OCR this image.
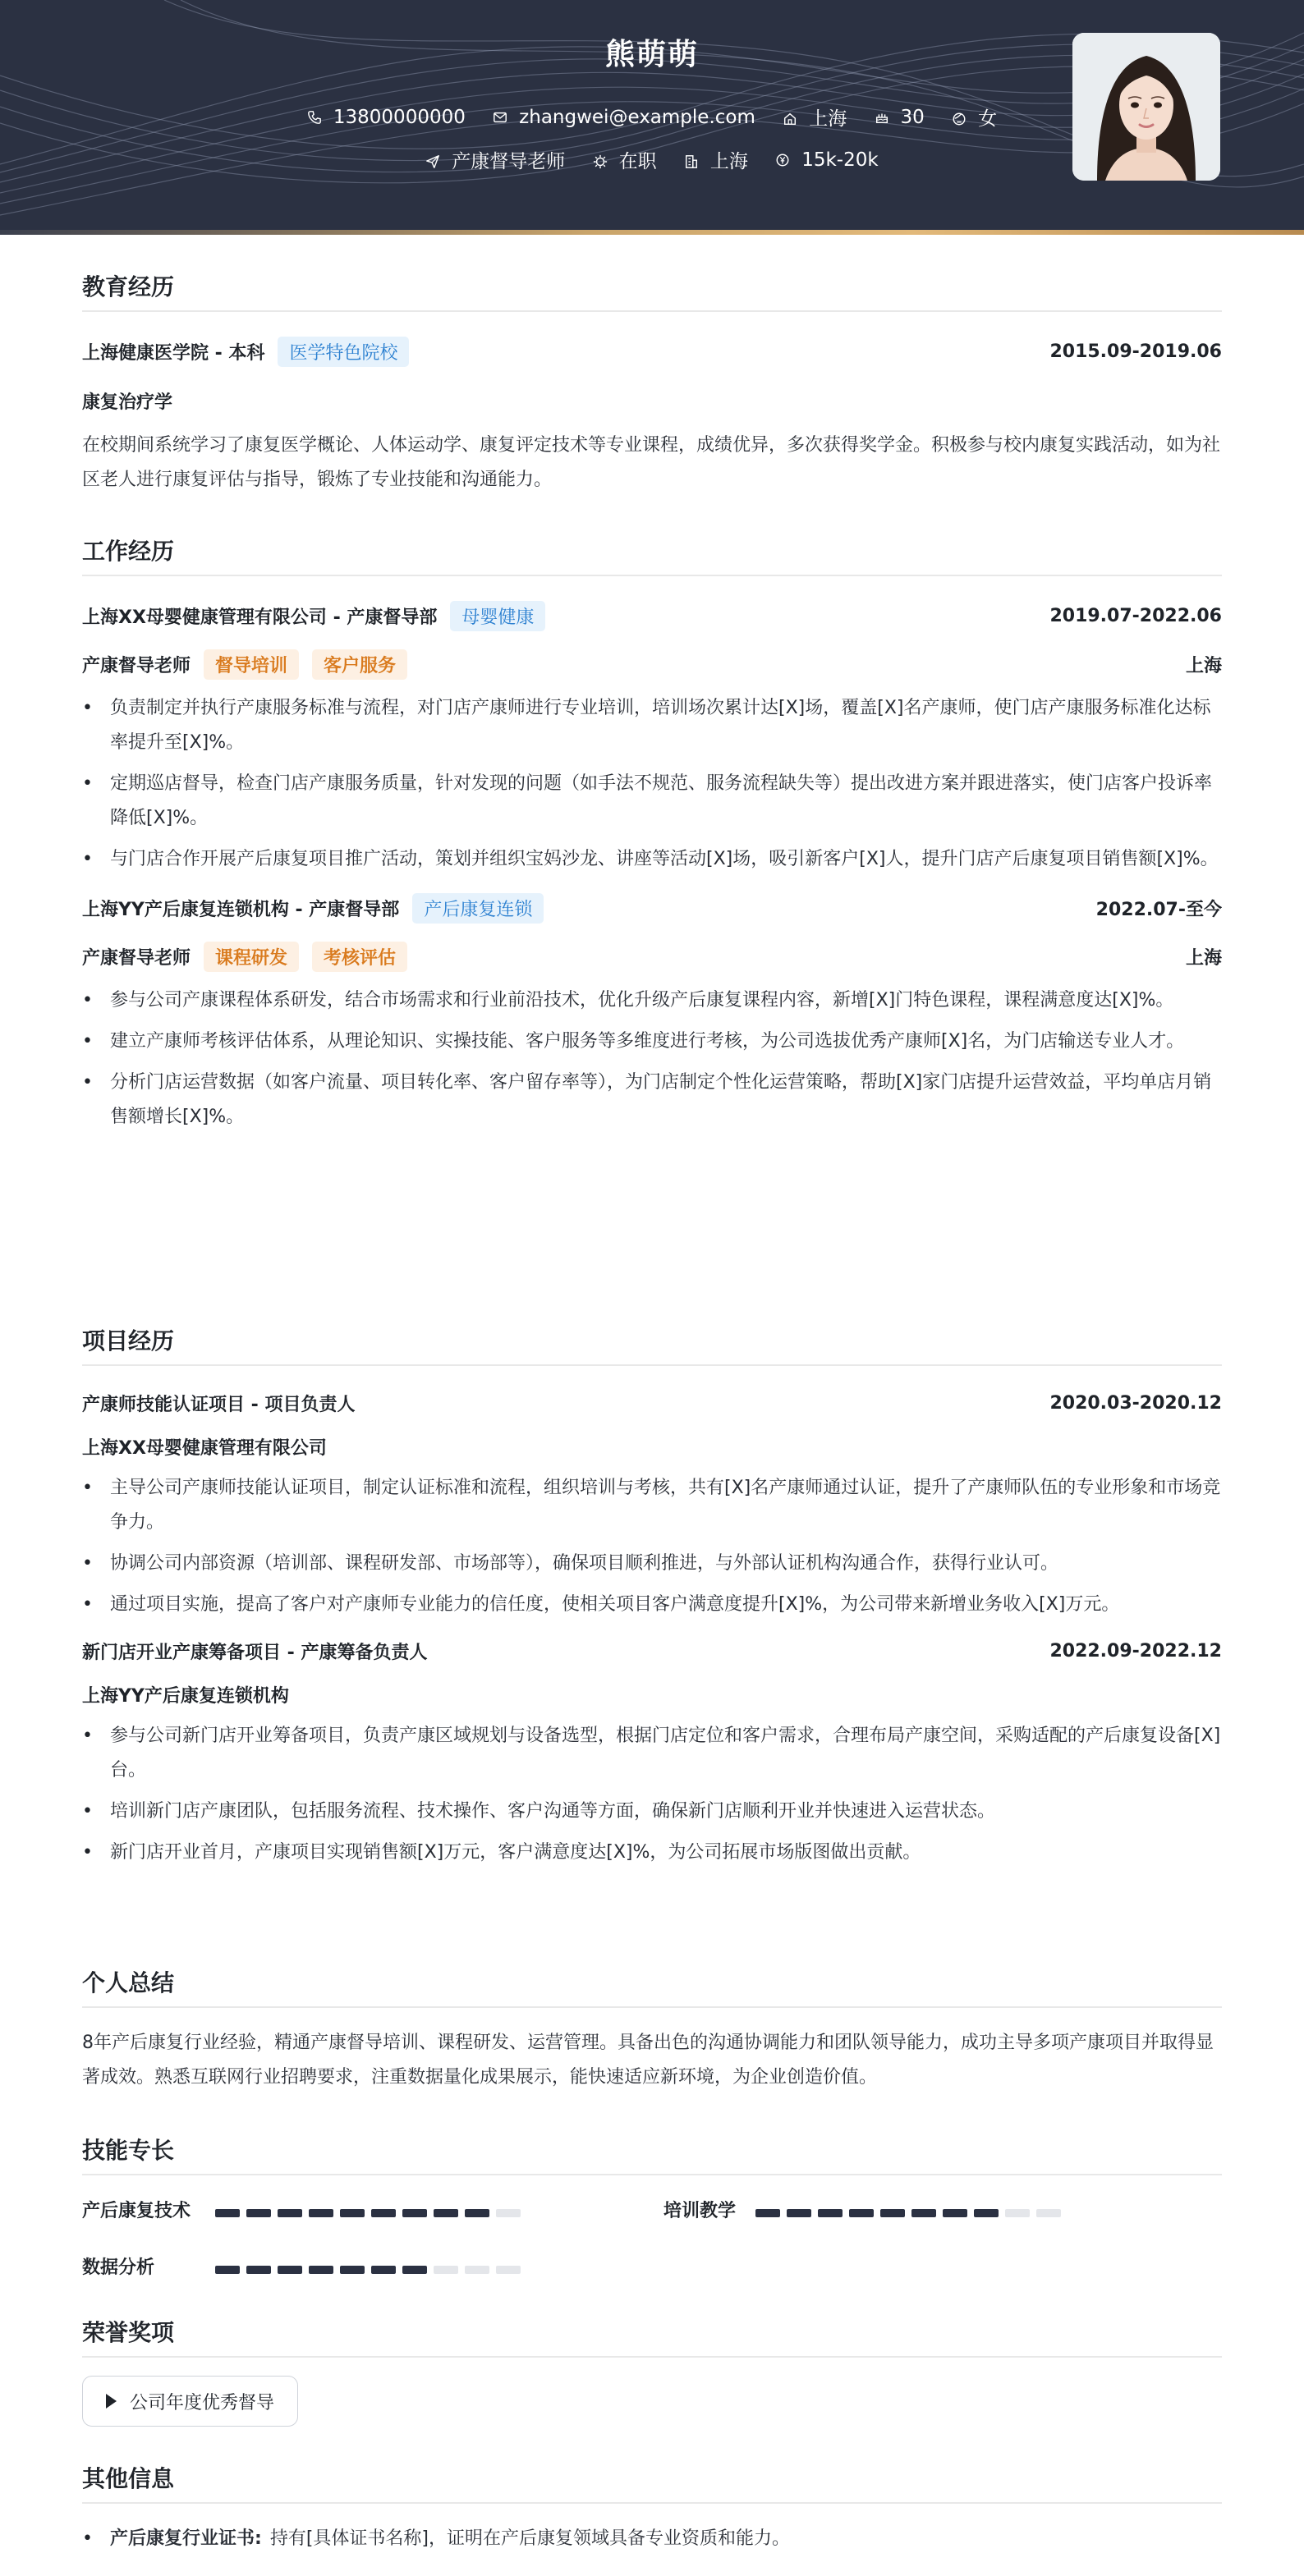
熊萌萌
13800000000	zhangwei@example.com	上海	30	女
产康督导老师	在职	上海	15k-20k
教育经历
上海健康医学院 - 本科 医学特色院校	2015.09-2019.06
康复治疗学
在校期间系统学习了康复医学概论、人体运动学、康复评定技术等专业课程，成绩优异，多次获得奖学金。积极参与校内康复实践活动，如为社区老人进行康复评估与指导，锻炼了专业技能和沟通能力。
工作经历
上海XX母婴健康管理有限公司 - 产康督导部 母婴健康	2019.07-2022.06
产康督导老师 督导培训 客户服务	上海
• 负责制定并执行产康服务标准与流程，对门店产康师进行专业培训，培训场次累计达[X]场，覆盖[X]名产康师，使门店产康服务标准化达标率提升至[X]%。
• 定期巡店督导，检查门店产康服务质量，针对发现的问题（如手法不规范、服务流程缺失等）提出改进方案并跟进落实，使门店客户投诉率降低[X]%。
• 与门店合作开展产后康复项目推广活动，策划并组织宝妈沙龙、讲座等活动[X]场，吸引新客户[X]人，提升门店产后康复项目销售额[X]%。
上海YY产后康复连锁机构 - 产康督导部 产后康复连锁	2022.07-至今
产康督导老师 课程研发 考核评估	上海
• 参与公司产康课程体系研发，结合市场需求和行业前沿技术，优化升级产后康复课程内容，新增[X]门特色课程，课程满意度达[X]%。
• 建立产康师考核评估体系，从理论知识、实操技能、客户服务等多维度进行考核，为公司选拔优秀产康师[X]名，为门店输送专业人才。
• 分析门店运营数据（如客户流量、项目转化率、客户留存率等），为门店制定个性化运营策略，帮助[X]家门店提升运营效益，平均单店月销售额增长[X]%。
项目经历
产康师技能认证项目 - 项目负责人	2020.03-2020.12
上海XX母婴健康管理有限公司
• 主导公司产康师技能认证项目，制定认证标准和流程，组织培训与考核，共有[X]名产康师通过认证，提升了产康师队伍的专业形象和市场竞争力。
• 协调公司内部资源（培训部、课程研发部、市场部等），确保项目顺利推进，与外部认证机构沟通合作，获得行业认可。
• 通过项目实施，提高了客户对产康师专业能力的信任度，使相关项目客户满意度提升[X]%，为公司带来新增业务收入[X]万元。
新门店开业产康筹备项目 - 产康筹备负责人	2022.09-2022.12
上海YY产后康复连锁机构
• 参与公司新门店开业筹备项目，负责产康区域规划与设备选型，根据门店定位和客户需求，合理布局产康空间，采购适配的产后康复设备[X]台。
• 培训新门店产康团队，包括服务流程、技术操作、客户沟通等方面，确保新门店顺利开业并快速进入运营状态。
• 新门店开业首月，产康项目实现销售额[X]万元，客户满意度达[X]%，为公司拓展市场版图做出贡献。
个人总结
8年产后康复行业经验，精通产康督导培训、课程研发、运营管理。具备出色的沟通协调能力和团队领导能力，成功主导多项产康项目并取得显著成效。熟悉互联网行业招聘要求，注重数据量化成果展示，能快速适应新环境，为企业创造价值。
技能专长
产后康复技术	培训教学
数据分析
荣誉奖项
公司年度优秀督导
其他信息
• 产后康复行业证书: 持有[具体证书名称]，证明在产后康复领域具备专业资质和能力。
